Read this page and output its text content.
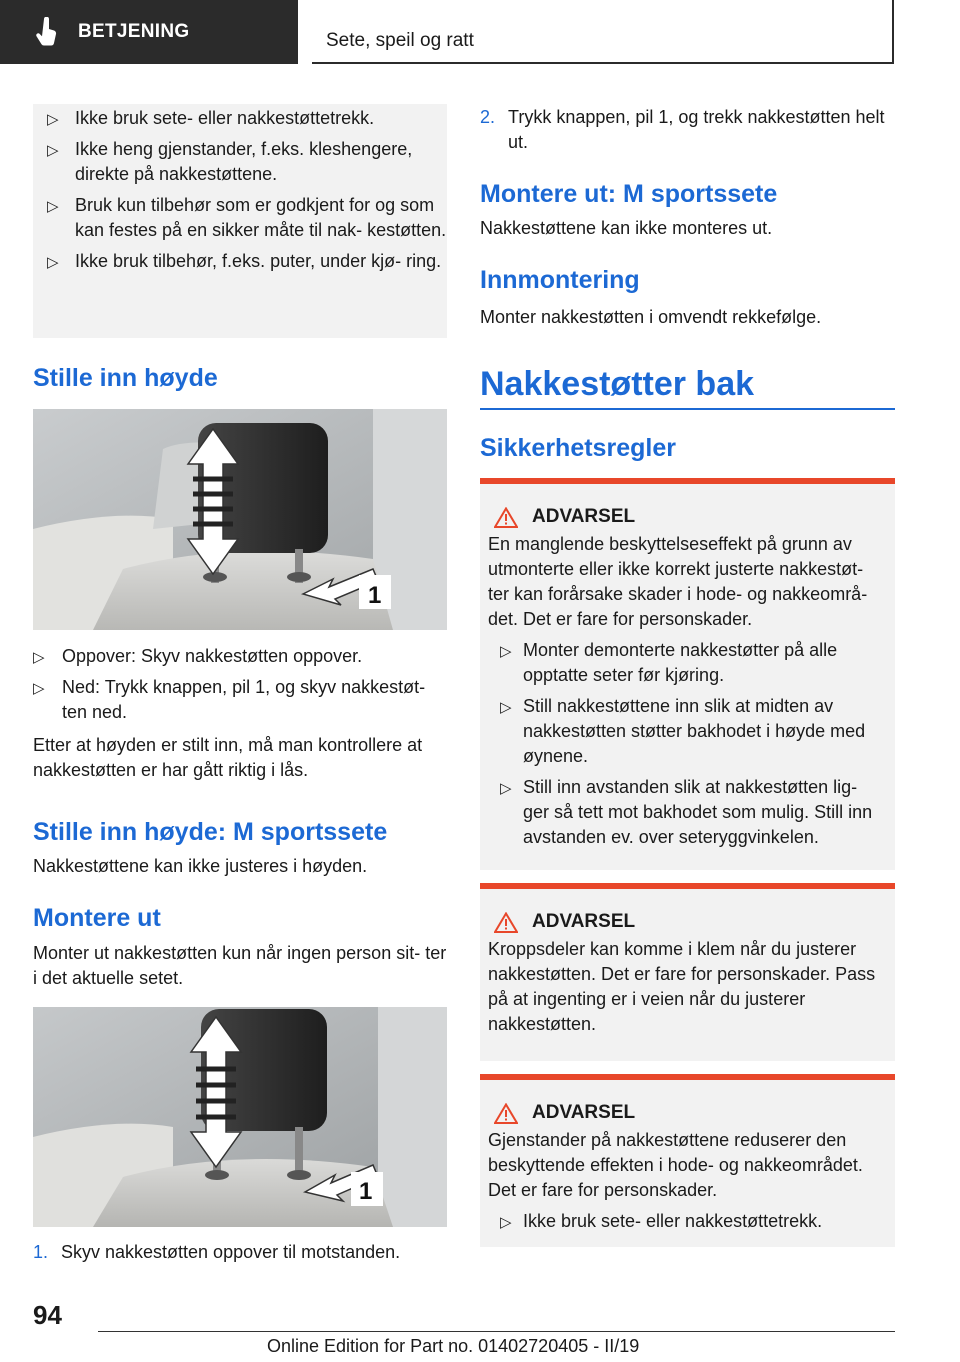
BETJENING	Sete, speil og ratt
▷ Ikke bruk sete- eller nakkestøttetrekk.
▷ Ikke heng gjenstander, f.eks. kleshengere, direkte på nakkestøttene.
▷ Bruk kun tilbehør som er godkjent for og som kan festes på en sikker måte til nak‐ kestøtten.
▷ Ikke bruk tilbehør, f.eks. puter, under kjø‐ ring.
Stille inn høyde
1
▷ Oppover: Skyv nakkestøtten oppover.
▷ Ned: Trykk knappen, pil 1, og skyv nakkestøt‐ ten ned.
Etter at høyden er stilt inn, må man kontrollere at nakkestøtten er har gått riktig i lås.
Stille inn høyde: M sportssete
Nakkestøttene kan ikke justeres i høyden.
Montere ut
Monter ut nakkestøtten kun når ingen person sit‐ ter i det aktuelle setet.
1
1. Skyv nakkestøtten oppover til motstanden.
2. Trykk knappen, pil 1, og trekk nakkestøtten helt ut.
Montere ut: M sportssete
Nakkestøttene kan ikke monteres ut.
Innmontering
Monter nakkestøtten i omvendt rekkefølge.
Nakkestøtter bak
Sikkerhetsregler
ADVARSEL
En manglende beskyttelseseffekt på grunn av utmonterte eller ikke korrekt justerte nakkestøt‐ ter kan forårsake skader i hode- og nakkeområ‐ det. Det er fare for personskader.
▷ Monter demonterte nakkestøtter på alle opptatte seter før kjøring.
▷ Still nakkestøttene inn slik at midten av nakkestøtten støtter bakhodet i høyde med øynene.
▷ Still inn avstanden slik at nakkestøtten lig‐ ger så tett mot bakhodet som mulig. Still inn avstanden ev. over seteryggvinkelen.
ADVARSEL
Kroppsdeler kan komme i klem når du justerer nakkestøtten. Det er fare for personskader. Pass på at ingenting er i veien når du justerer nakkestøtten.
ADVARSEL
Gjenstander på nakkestøttene reduserer den beskyttende effekten i hode- og nakkeområdet. Det er fare for personskader.
▷ Ikke bruk sete- eller nakkestøttetrekk.
94
Online Edition for Part no. 01402720405 - II/19
